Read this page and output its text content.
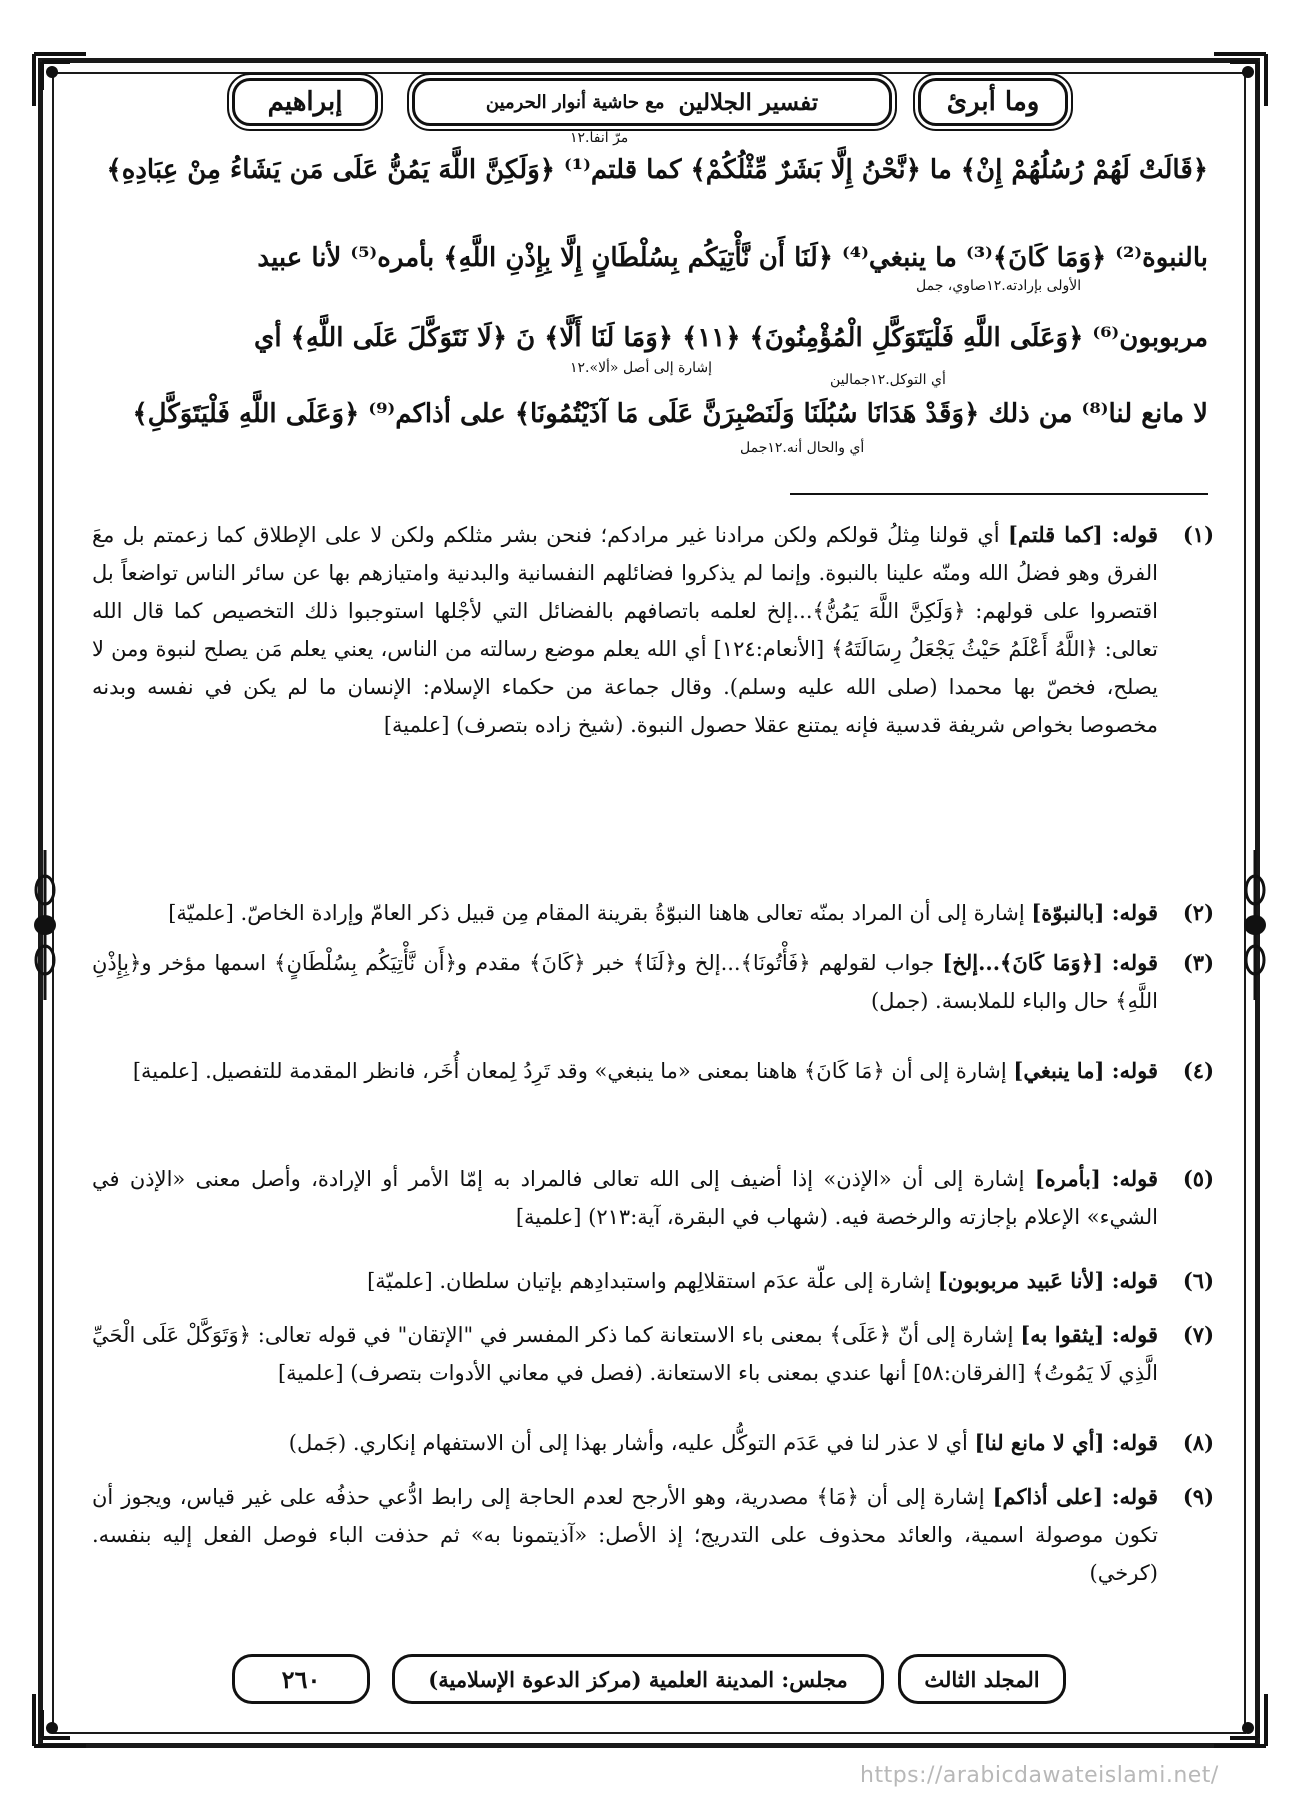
إبراهيم	تفسير الجلالين
مع حاشية أنوار الحرمين	وما أبرئ
مرّ آنفا.١٢
﴿قَالَتْ لَهُمْ رُسُلُهُمْ إِنْ﴾ ما ﴿نَّحْنُ إِلَّا بَشَرٌ مِّثْلُكُمْ﴾ كما قلتم⁽¹⁾ ﴿وَلَكِنَّ اللَّهَ يَمُنُّ عَلَى مَن يَشَاءُ مِنْ عِبَادِهِ﴾
بالنبوة⁽²⁾ ﴿وَمَا كَانَ﴾⁽³⁾ ما ينبغي⁽⁴⁾ ﴿لَنَا أَن نَّأْتِيَكُم بِسُلْطَانٍ إِلَّا بِإِذْنِ اللَّهِ﴾ بأمره⁽⁵⁾ لأنا عبيد
الأولى بإرادته.١٢صاوي، جمل
مربوبون⁽⁶⁾ ﴿وَعَلَى اللَّهِ فَلْيَتَوَكَّلِ الْمُؤْمِنُونَ﴾ ﴿١١﴾ ﴿وَمَا لَنَا أَلَّا﴾ نَ ﴿لَا نَتَوَكَّلَ عَلَى اللَّهِ﴾ أي
إشارة إلى أصل «ألا».١٢
أي التوكل.١٢جمالين
لا مانع لنا⁽⁸⁾ من ذلك ﴿وَقَدْ هَدَانَا سُبُلَنَا وَلَنَصْبِرَنَّ عَلَى مَا آذَيْتُمُونَا﴾ على أذاكم⁽⁹⁾ ﴿وَعَلَى اللَّهِ فَلْيَتَوَكَّلِ﴾
أي والحال أنه.١٢جمل
(١)
قوله: [كما قلتم] أي قولنا مِثلُ قولكم ولكن مرادنا غير مرادكم؛ فنحن بشر مثلكم ولكن لا على الإطلاق كما زعمتم بل معَ الفرق وهو فضلُ الله ومنّه علينا بالنبوة. وإنما لم يذكروا فضائلهم النفسانية والبدنية وامتيازهم بها عن سائر الناس تواضعاً بل اقتصروا على قولهم: ﴿وَلَكِنَّ اللَّهَ يَمُنُّ﴾...إلخ لعلمه باتصافهم بالفضائل التي لأجْلها استوجبوا ذلك التخصيص كما قال الله تعالى: ﴿اللَّهُ أَعْلَمُ حَيْثُ يَجْعَلُ رِسَالَتَهُ﴾ [الأنعام:١٢٤] أي الله يعلم موضع رسالته من الناس، يعني يعلم مَن يصلح لنبوة ومن لا يصلح، فخصّ بها محمدا (صلى الله عليه وسلم). وقال جماعة من حكماء الإسلام: الإنسان ما لم يكن في نفسه وبدنه مخصوصا بخواص شريفة قدسية فإنه يمتنع عقلا حصول النبوة. (شيخ زاده بتصرف) [علمية]
(٢)
قوله: [بالنبوّة] إشارة إلى أن المراد بمنّه تعالى هاهنا النبوّةُ بقرينة المقام مِن قبيل ذكر العامّ وإرادة الخاصّ. [علميّة]
(٣)
قوله: [﴿وَمَا كَانَ﴾...إلخ] جواب لقولهم ﴿فَأْتُونَا﴾...إلخ و﴿لَنَا﴾ خبر ﴿كَانَ﴾ مقدم و﴿أَن نَّأْتِيَكُم بِسُلْطَانٍ﴾ اسمها مؤخر و﴿بِإِذْنِ اللَّهِ﴾ حال والباء للملابسة. (جمل)
(٤)
قوله: [ما ينبغي] إشارة إلى أن ﴿مَا كَانَ﴾ هاهنا بمعنى «ما ينبغي» وقد تَرِدُ لِمعان أُخَر، فانظر المقدمة للتفصيل. [علمية]
(٥)
قوله: [بأمره] إشارة إلى أن «الإذن» إذا أضيف إلى الله تعالى فالمراد به إمّا الأمر أو الإرادة، وأصل معنى «الإذن في الشيء» الإعلام بإجازته والرخصة فيه. (شهاب في البقرة، آية:٢١٣) [علمية]
(٦)
قوله: [لأنا عَبيد مربوبون] إشارة إلى علّة عدَم استقلالِهم واستبدادِهم بإتيان سلطان. [علميّة]
(٧)
قوله: [يثقوا به] إشارة إلى أنّ ﴿عَلَى﴾ بمعنى باء الاستعانة كما ذكر المفسر في "الإتقان" في قوله تعالى: ﴿وَتَوَكَّلْ عَلَى الْحَيِّ الَّذِي لَا يَمُوتُ﴾ [الفرقان:٥٨] أنها عندي بمعنى باء الاستعانة. (فصل في معاني الأدوات بتصرف) [علمية]
(٨)
قوله: [أي لا مانع لنا] أي لا عذر لنا في عَدَم التوكُّل عليه، وأشار بهذا إلى أن الاستفهام إنكاري. (جَمل)
(٩)
قوله: [على أذاكم] إشارة إلى أن ﴿مَا﴾ مصدرية، وهو الأرجح لعدم الحاجة إلى رابط ادُّعي حذفُه على غير قياس، ويجوز أن تكون موصولة اسمية، والعائد محذوف على التدريج؛ إذ الأصل: «آذيتمونا به» ثم حذفت الباء فوصل الفعل إليه بنفسه. (كرخي)
٢٦٠	مجلس: المدينة العلمية (مركز الدعوة الإسلامية)	المجلد الثالث
https://arabicdawateislami.net/
